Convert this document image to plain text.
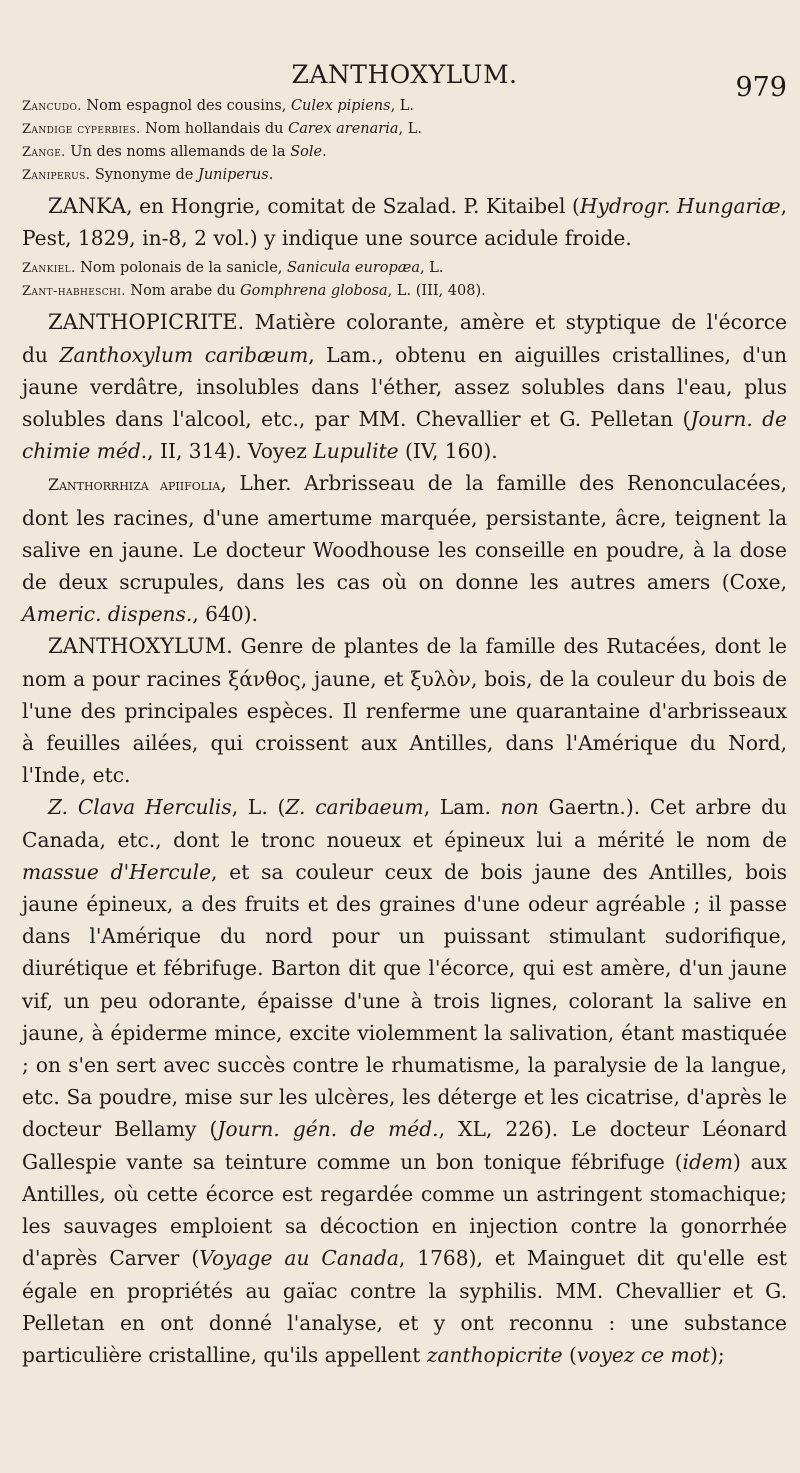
ZANTHOXYLUM.	979

Zancudo. Nom espagnol des cousins, Culex pipiens, L.

Zandige cyperbies. Nom hollandais du Carex arenaria, L.

Zange. Un des noms allemands de la Sole.

Zaniperus. Synonyme de Juniperus.

ZANKA, en Hongrie, comitat de Szalad. P. Kitaibel (Hydrogr. Hungariæ, Pest, 1829, in-8, 2 vol.) y indique une source acidule froide.

Zankiel. Nom polonais de la sanicle, Sanicula europæa, L.

Zant-habheschi. Nom arabe du Gomphrena globosa, L. (III, 408).

ZANTHOPICRITE. Matière colorante, amère et styptique de l'écorce du Zanthoxylum caribæum, Lam., obtenu en aiguilles cristallines, d'un jaune verdâtre, insolubles dans l'éther, assez solubles dans l'eau, plus solubles dans l'alcool, etc., par MM. Chevallier et G. Pelletan (Journ. de chimie méd., II, 314). Voyez Lupulite (IV, 160).

Zanthorrhiza apiifolia, Lher. Arbrisseau de la famille des Renonculacées, dont les racines, d'une amertume marquée, persistante, âcre, teignent la salive en jaune. Le docteur Woodhouse les conseille en poudre, à la dose de deux scrupules, dans les cas où on donne les autres amers (Coxe, Americ. dispens., 640).

ZANTHOXYLUM. Genre de plantes de la famille des Rutacées, dont le nom a pour racines ξάνθος, jaune, et ξυλὸν, bois, de la couleur du bois de l'une des principales espèces. Il renferme une quarantaine d'arbrisseaux à feuilles ailées, qui croissent aux Antilles, dans l'Amérique du Nord, l'Inde, etc.

Z. Clava Herculis, L. (Z. caribaeum, Lam. non Gaertn.). Cet arbre du Canada, etc., dont le tronc noueux et épineux lui a mérité le nom de massue d'Hercule, et sa couleur ceux de bois jaune des Antilles, bois jaune épineux, a des fruits et des graines d'une odeur agréable ; il passe dans l'Amérique du nord pour un puissant stimulant sudorifique, diurétique et fébrifuge. Barton dit que l'écorce, qui est amère, d'un jaune vif, un peu odorante, épaisse d'une à trois lignes, colorant la salive en jaune, à épiderme mince, excite violemment la salivation, étant mastiquée ; on s'en sert avec succès contre le rhumatisme, la paralysie de la langue, etc. Sa poudre, mise sur les ulcères, les déterge et les cicatrise, d'après le docteur Bellamy (Journ. gén. de méd., XL, 226). Le docteur Léonard Gallespie vante sa teinture comme un bon tonique fébrifuge (idem) aux Antilles, où cette écorce est regardée comme un astringent stomachique; les sauvages emploient sa décoction en injection contre la gonorrhée d'après Carver (Voyage au Canada, 1768), et Mainguet dit qu'elle est égale en propriétés au gaïac contre la syphilis. MM. Chevallier et G. Pelletan en ont donné l'analyse, et y ont reconnu : une substance particulière cristalline, qu'ils appellent zanthopicrite (voyez ce mot);
